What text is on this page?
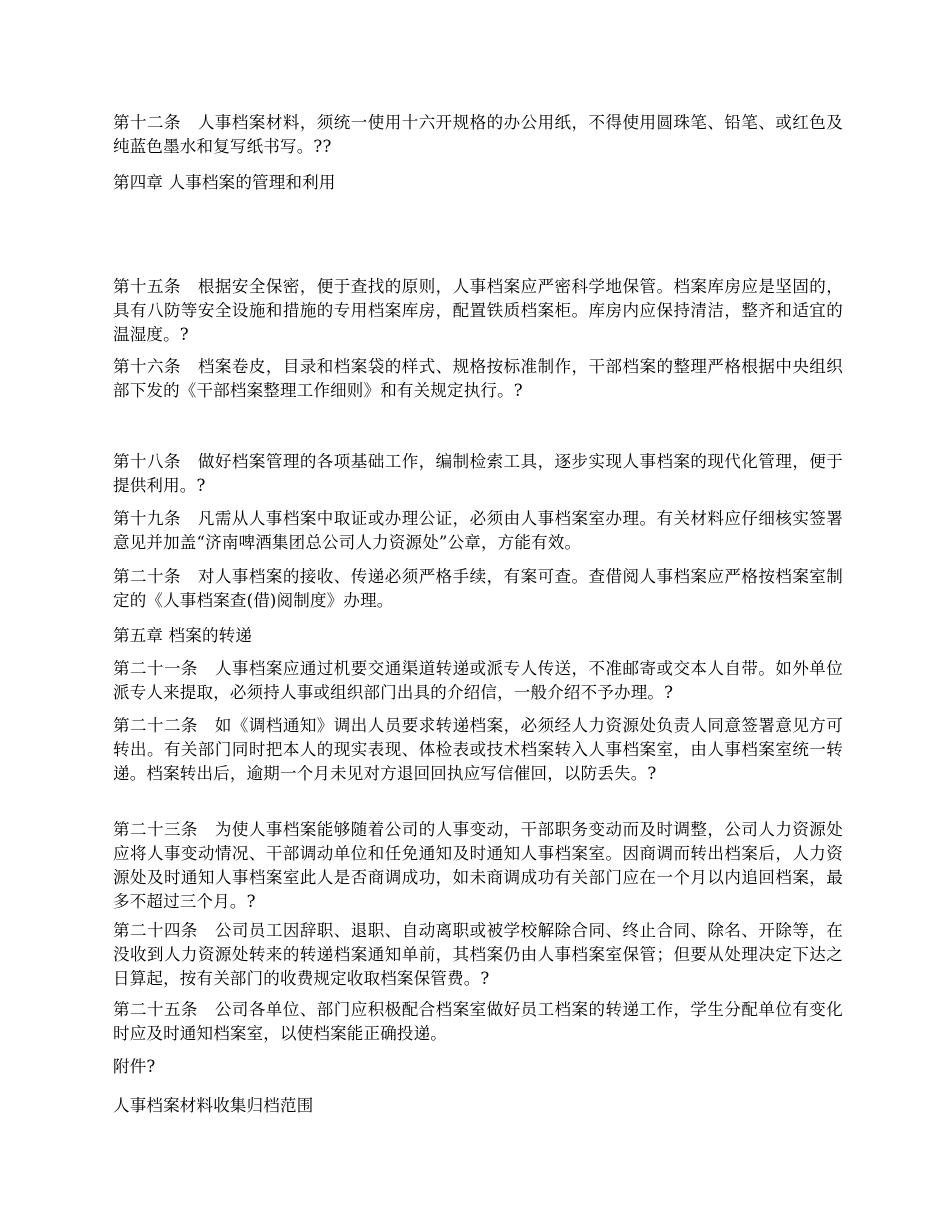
第十二条　人事档案材料，须统一使用十六开规格的办公用纸，不得使用圆珠笔、铅笔、或红色及纯蓝色墨水和复写纸书写。??

第四章 人事档案的管理和利用

第十五条　根据安全保密，便于查找的原则，人事档案应严密科学地保管。档案库房应是坚固的，具有八防等安全设施和措施的专用档案库房，配置铁质档案柜。库房内应保持清洁，整齐和适宜的温湿度。?

第十六条　档案卷皮，目录和档案袋的样式、规格按标准制作，干部档案的整理严格根据中央组织部下发的《干部档案整理工作细则》和有关规定执行。?

第十八条　做好档案管理的各项基础工作，编制检索工具，逐步实现人事档案的现代化管理，便于提供利用。?

第十九条　凡需从人事档案中取证或办理公证，必须由人事档案室办理。有关材料应仔细核实签署意见并加盖“济南啤酒集团总公司人力资源处”公章，方能有效。

第二十条　对人事档案的接收、传递必须严格手续，有案可查。查借阅人事档案应严格按档案室制定的《人事档案查(借)阅制度》办理。

第五章 档案的转递

第二十一条　人事档案应通过机要交通渠道转递或派专人传送，不准邮寄或交本人自带。如外单位派专人来提取，必须持人事或组织部门出具的介绍信，一般介绍不予办理。?

第二十二条　如《调档通知》调出人员要求转递档案，必须经人力资源处负责人同意签署意见方可转出。有关部门同时把本人的现实表现、体检表或技术档案转入人事档案室，由人事档案室统一转递。档案转出后，逾期一个月未见对方退回回执应写信催回，以防丢失。?

第二十三条　为使人事档案能够随着公司的人事变动，干部职务变动而及时调整，公司人力资源处应将人事变动情况、干部调动单位和任免通知及时通知人事档案室。因商调而转出档案后，人力资源处及时通知人事档案室此人是否商调成功，如未商调成功有关部门应在一个月以内追回档案，最多不超过三个月。?

第二十四条　公司员工因辞职、退职、自动离职或被学校解除合同、终止合同、除名、开除等，在没收到人力资源处转来的转递档案通知单前，其档案仍由人事档案室保管；但要从处理决定下达之日算起，按有关部门的收费规定收取档案保管费。?

第二十五条　公司各单位、部门应积极配合档案室做好员工档案的转递工作，学生分配单位有变化时应及时通知档案室，以使档案能正确投递。

附件?

人事档案材料收集归档范围
